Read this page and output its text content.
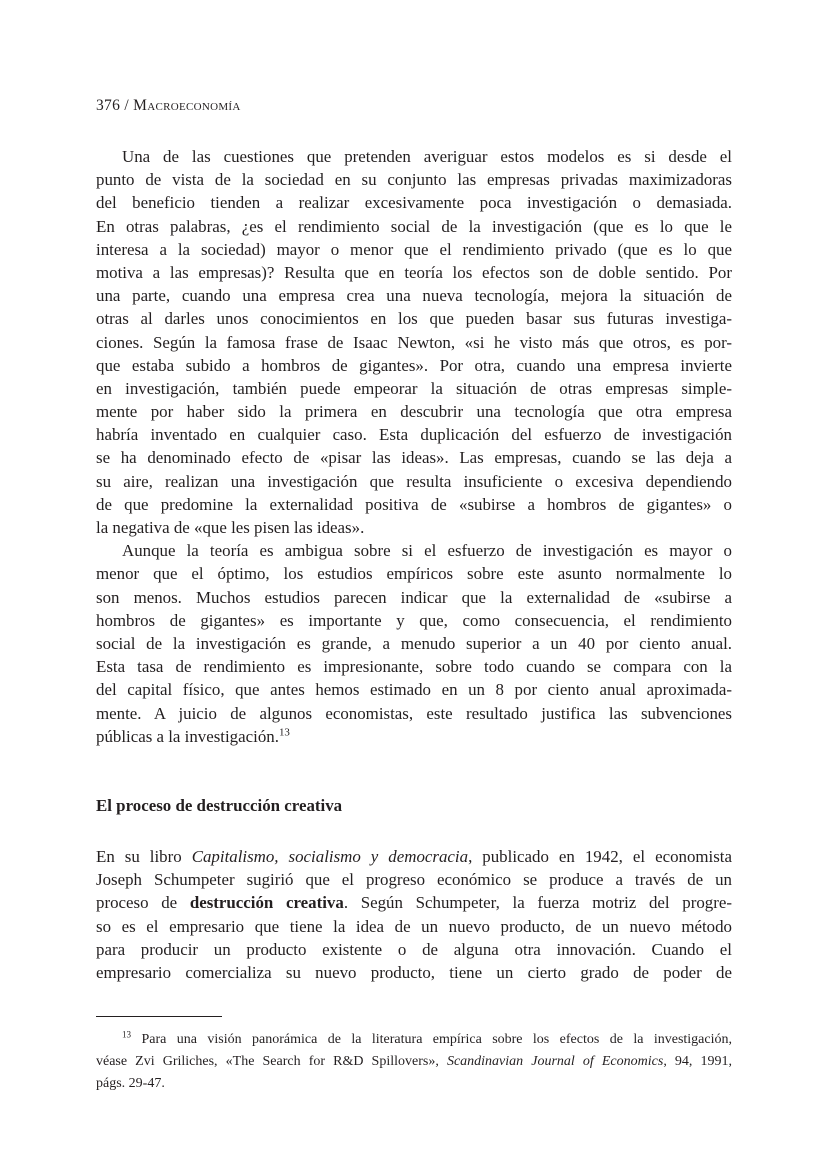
376 / Macroeconomía
Una de las cuestiones que pretenden averiguar estos modelos es si desde el
punto de vista de la sociedad en su conjunto las empresas privadas maximizadoras
del beneficio tienden a realizar excesivamente poca investigación o demasiada.
En otras palabras, ¿es el rendimiento social de la investigación (que es lo que le
interesa a la sociedad) mayor o menor que el rendimiento privado (que es lo que
motiva a las empresas)? Resulta que en teoría los efectos son de doble sentido. Por
una parte, cuando una empresa crea una nueva tecnología, mejora la situación de
otras al darles unos conocimientos en los que pueden basar sus futuras investiga-
ciones. Según la famosa frase de Isaac Newton, «si he visto más que otros, es por-
que estaba subido a hombros de gigantes». Por otra, cuando una empresa invierte
en investigación, también puede empeorar la situación de otras empresas simple-
mente por haber sido la primera en descubrir una tecnología que otra empresa
habría inventado en cualquier caso. Esta duplicación del esfuerzo de investigación
se ha denominado efecto de «pisar las ideas». Las empresas, cuando se las deja a
su aire, realizan una investigación que resulta insuficiente o excesiva dependiendo
de que predomine la externalidad positiva de «subirse a hombros de gigantes» o
la negativa de «que les pisen las ideas».
Aunque la teoría es ambigua sobre si el esfuerzo de investigación es mayor o
menor que el óptimo, los estudios empíricos sobre este asunto normalmente lo
son menos. Muchos estudios parecen indicar que la externalidad de «subirse a
hombros de gigantes» es importante y que, como consecuencia, el rendimiento
social de la investigación es grande, a menudo superior a un 40 por ciento anual.
Esta tasa de rendimiento es impresionante, sobre todo cuando se compara con la
del capital físico, que antes hemos estimado en un 8 por ciento anual aproximada-
mente. A juicio de algunos economistas, este resultado justifica las subvenciones
públicas a la investigación.$^{13}$
El proceso de destrucción creativa
En su libro Capitalismo, socialismo y democracia, publicado en 1942, el economista
Joseph Schumpeter sugirió que el progreso económico se produce a través de un
proceso de destrucción creativa. Según Schumpeter, la fuerza motriz del progre-
so es el empresario que tiene la idea de un nuevo producto, de un nuevo método
para producir un producto existente o de alguna otra innovación. Cuando el
empresario comercializa su nuevo producto, tiene un cierto grado de poder de
$^{13}$ Para una visión panorámica de la literatura empírica sobre los efectos de la investigación,
véase Zvi Griliches, «The Search for R&D Spillovers», Scandinavian Journal of Economics, 94, 1991,
págs. 29-47.
